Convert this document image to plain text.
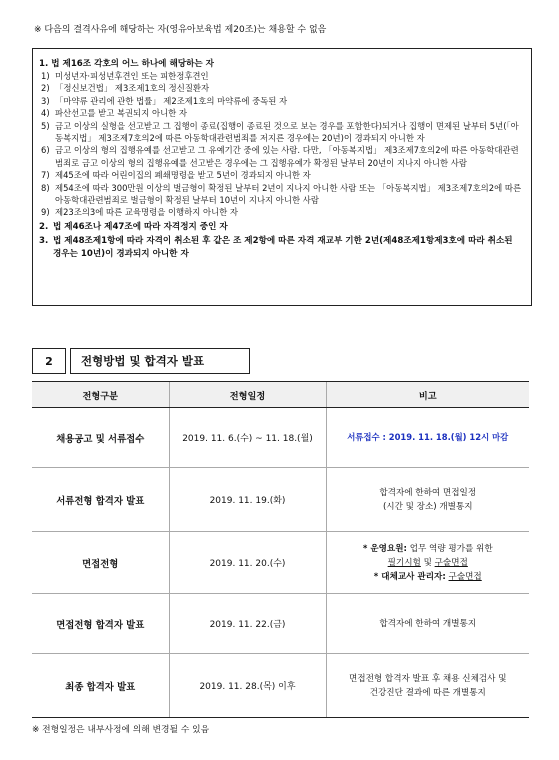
※ 다음의 결격사유에 해당하는 자(영유아보육법 제20조)는 채용할 수 없음
1. 법 제16조 각호의 어느 하나에 해당하는 자
1) 미성년자·피성년후견인 또는 피한정후견인
2) 「정신보건법」 제3조제1호의 정신질환자
3) 「마약류 관리에 관한 법률」 제2조제1호의 마약류에 중독된 자
4) 파산선고를 받고 복권되지 아니한 자
5) 금고 이상의 실형을 선고받고 그 집행이 종료(집행이 종료된 것으로 보는 경우를 포함한다)되거나 집행이 면제된 날부터 5년(「아동복지법」 제3조제7호의2에 따른 아동학대관련범죄를 저지른 경우에는 20년)이 경과되지 아니한 자
6) 금고 이상의 형의 집행유예를 선고받고 그 유예기간 중에 있는 사람. 다만, 「아동복지법」 제3조제7호의2에 따른 아동학대관련범죄로 금고 이상의 형의 집행유예를 선고받은 경우에는 그 집행유예가 확정된 날부터 20년이 지나지 아니한 사람
7) 제45조에 따라 어린이집의 폐쇄명령을 받고 5년이 경과되지 아니한 자
8) 제54조에 따라 300만원 이상의 벌금형이 확정된 날부터 2년이 지나지 아니한 사람 또는 「아동복지법」 제3조제7호의2에 따른 아동학대관련범죄로 벌금형이 확정된 날부터 10년이 지나지 아니한 사람
9) 제23조의3에 따른 교육명령을 이행하지 아니한 자
2. 법 제46조나 제47조에 따라 자격정지 중인 자
3. 법 제48조제1항에 따라 자격이 취소된 후 같은 조 제2항에 따른 자격 재교부 기한 2년(제48조제1항제3호에 따라 취소된 경우는 10년)이 경과되지 아니한 자
2	전형방법 및 합격자 발표
전형구분	전형일정	비고
채용공고 및 서류접수	2019. 11. 6.(수) ~ 11. 18.(월)	서류접수 : 2019. 11. 18.(월) 12시 마감
서류전형 합격자 발표	2019. 11. 19.(화)	합격자에 한하여 면접일정
(시간 및 장소) 개별통지

면접전형	2019. 11. 20.(수)	* 운영요원: 업무 역량 평가를 위한
필기시험 및 구술면접
* 대체교사 관리자: 구술면접

면접전형 합격자 발표	2019. 11. 22.(금)	합격자에 한하여 개별통지
최종 합격자 발표	2019. 11. 28.(목) 이후	면접전형 합격자 발표 후 채용 신체검사 및
건강진단 결과에 따른 개별통지
※ 전형일정은 내부사정에 의해 변경될 수 있음
